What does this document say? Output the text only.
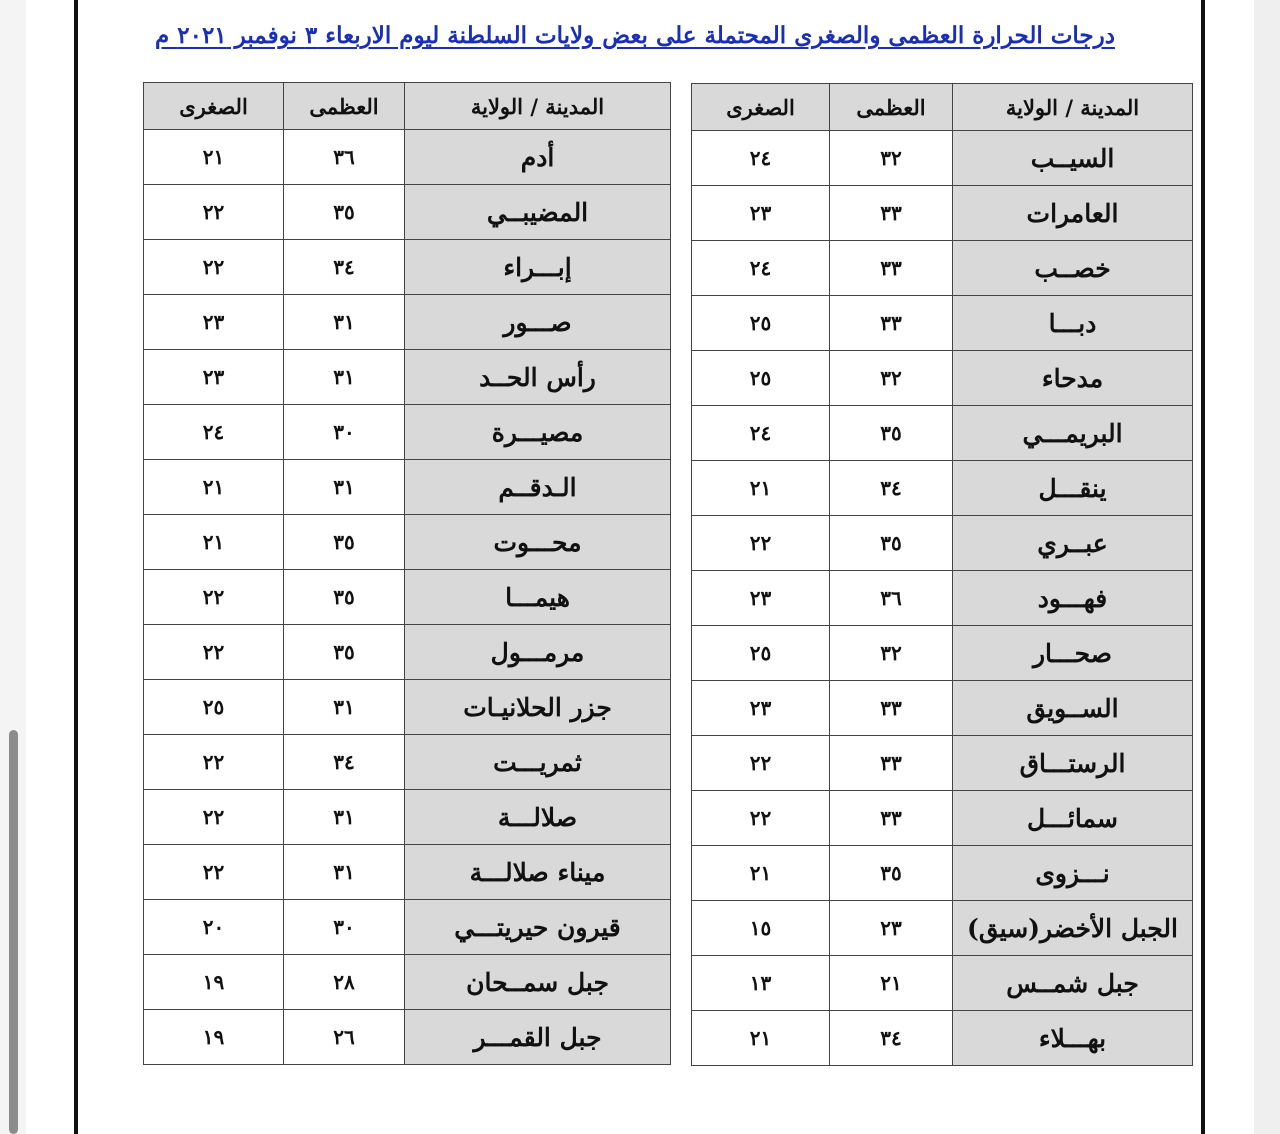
درجات الحرارة العظمى والصغرى المحتملة على بعض ولايات السلطنة ليوم الاربعاء ٣ نوفمبر ٢٠٢١ م
المدينة / الولاية	العظمى	الصغرى
السيــب	٣٢	٢٤
العامرات	٣٣	٢٣
خصــب	٣٣	٢٤
دبـــا	٣٣	٢٥
مدحاء	٣٢	٢٥
البريمـــي	٣٥	٢٤
ينقـــل	٣٤	٢١
عبــري	٣٥	٢٢
فهـــود	٣٦	٢٣
صحـــار	٣٢	٢٥
الســويق	٣٣	٢٣
الرستـــاق	٣٣	٢٢
سمائـــل	٣٣	٢٢
نـــزوى	٣٥	٢١
الجبل الأخضر(سيق)	٢٣	١٥
جبل شمــس	٢١	١٣
بهـــلاء	٣٤	٢١
المدينة / الولاية	العظمى	الصغرى
أدم	٣٦	٢١
المضيبــي	٣٥	٢٢
إبـــراء	٣٤	٢٢
صـــور	٣١	٢٣
رأس الحــد	٣١	٢٣
مصيـــرة	٣٠	٢٤
الـدقــم	٣١	٢١
محـــوت	٣٥	٢١
هيمـــا	٣٥	٢٢
مرمـــول	٣٥	٢٢
جزر الحلانيـات	٣١	٢٥
ثمريـــت	٣٤	٢٢
صلالـــة	٣١	٢٢
ميناء صلالـــة	٣١	٢٢
قيرون حيريتـــي	٣٠	٢٠
جبل سمــحان	٢٨	١٩
جبل القمـــر	٢٦	١٩
